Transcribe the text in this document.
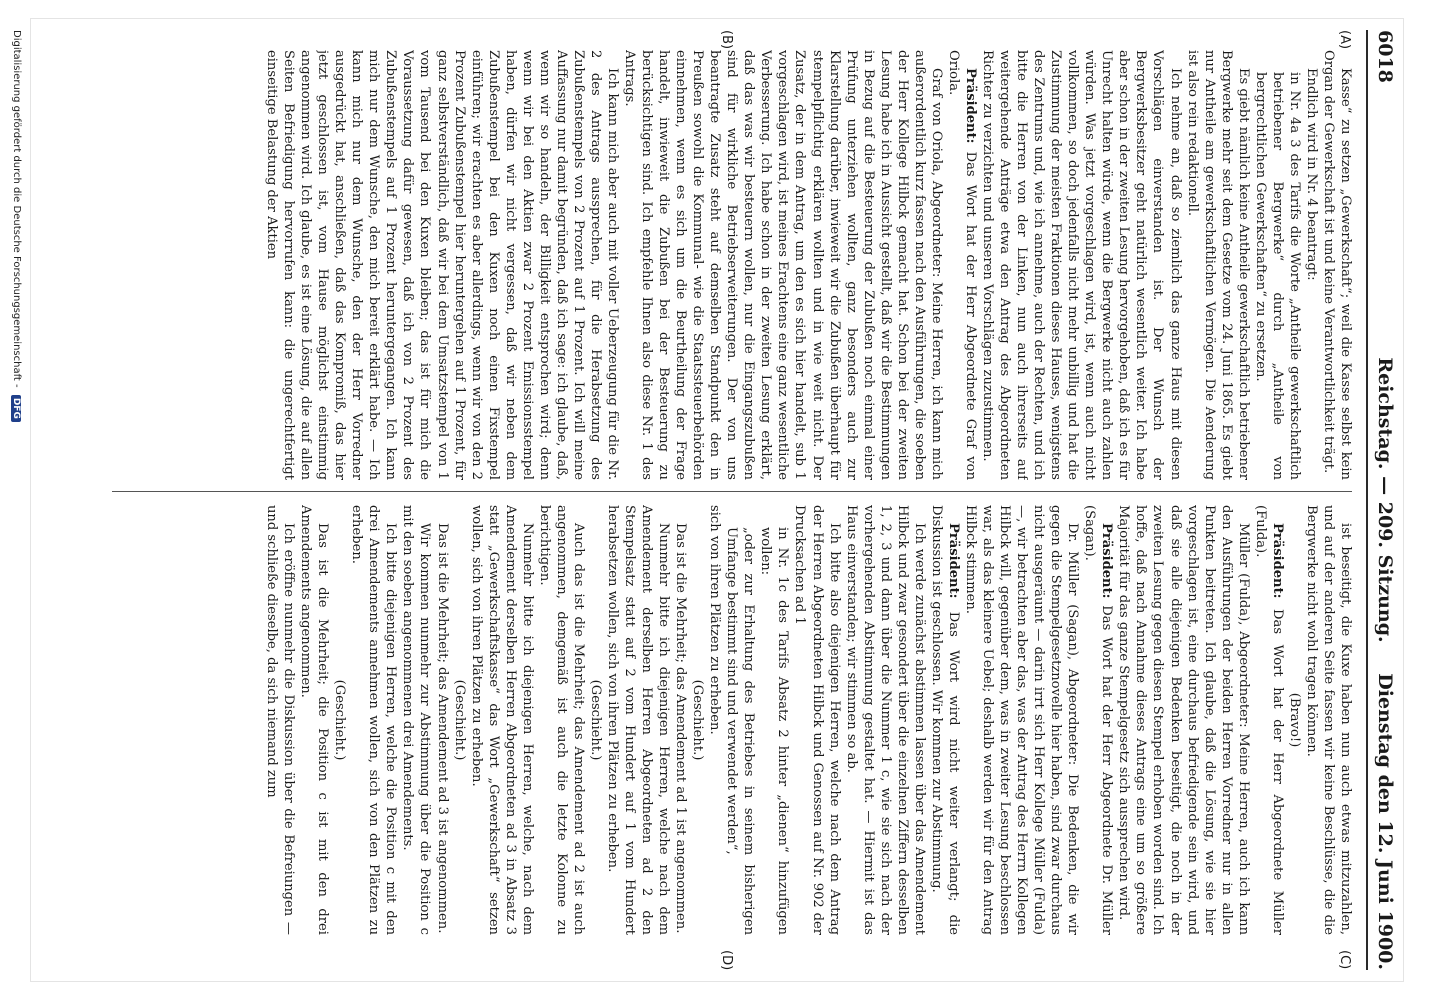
6018
Reichstag. — 209. Sitzung.
Dienstag den 12. Juni 1900.
(A)
(B)
(C)
(D)

Kasse“ zu setzen „Gewerkschaft“; weil die Kasse selbst kein Organ der Gewerkschaft ist und keine Verantwortlichkeit trägt.

Endlich wird in Nr. 4 beantragt:

in Nr. 4a 3 des Tarifs die Worte „Antheile gewerkschaftlich betriebener Bergwerke“ durch „Antheile von bergrechtlichen Gewerkschaften“ zu ersetzen.

Es giebt nämlich keine Antheile gewerkschaftlich betriebener Bergwerke mehr seit dem Gesetze vom 24. Juni 1865. Es giebt nur Antheile am gewerkschaftlichen Vermögen. Die Aenderung ist also rein redaktionell.

Ich nehme an, daß so ziemlich das ganze Haus mit diesen Vorschlägen einverstanden ist. Der Wunsch der Bergwerksbesitzer geht natürlich wesentlich weiter. Ich habe aber schon in der zweiten Lesung hervorgehoben, daß ich es für Unrecht halten würde, wenn die Bergwerke nicht auch zahlen würden. Was jetzt vorgeschlagen wird, ist, wenn auch nicht vollkommen, so doch jedenfalls nicht mehr unbillig und hat die Zustimmung der meisten Fraktionen dieses Hauses, wenigstens des Zentrums und, wie ich annehme, auch der Rechten, und ich bitte die Herren von der Linken, nun auch ihrerseits auf weitergehende Anträge etwa den Antrag des Abgeordneten Richter zu verzichten und unseren Vorschlägen zuzustimmen.

Präsident: Das Wort hat der Herr Abgeordnete Graf von Oriola.

Graf von Oriola, Abgeordneter: Meine Herren, ich kann mich außerordentlich kurz fassen nach den Ausführungen, die soeben der Herr Kollege Hilbck gemacht hat. Schon bei der zweiten Lesung habe ich in Aussicht gestellt, daß wir die Bestimmungen in Bezug auf die Besteuerung der Zubußen noch einmal einer Prüfung unterziehen wollten, ganz besonders auch zur Klarstellung darüber, inwieweit wir die Zubußen überhaupt für stempelpflichtig erklären wollten und in wie weit nicht. Der Zusatz, der in dem Antrag, um den es sich hier handelt, sub 1 vorgeschlagen wird, ist meines Erachtens eine ganz wesentliche Verbesserung. Ich habe schon in der zweiten Lesung erklärt, daß das was wir besteuern wollen, nur die Eingangszubußen sind für wirkliche Betriebserweiterungen. Der von uns beantragte Zusatz steht auf demselben Standpunkt den in Preußen sowohl die Kommunal- wie die Staatssteuerbehörden einnehmen, wenn es sich um die Beurtheilung der Frage handelt, inwieweit die Zubußen bei der Besteuerung zu berücksichtigen sind. Ich empfehle Ihnen also diese Nr. 1 des Antrags.

Ich kann mich aber auch mit voller Ueberzeugung für die Nr. 2 des Antrags aussprechen, für die Herabsetzung des Zubußenstempels von 2 Prozent auf 1 Prozent. Ich will meine Auffassung nur damit begründen, daß ich sage: ich glaube, daß, wenn wir so handeln, der Billigkeit entsprochen wird; denn wenn wir bei den Aktien zwar 2 Prozent Emissionsstempel haben, dürfen wir nicht vergessen, daß wir neben dem Zubußenstempel bei den Kuxen noch einen Fixstempel einführen; wir erachten es aber allerdings, wenn wir von den 2 Prozent Zubußenstempel hier heruntergehen auf 1 Prozent, für ganz selbstverständlich, daß wir bei dem Umsatzstempel von 1 vom Tausend bei den Kuxen bleiben; das ist für mich die Voraussetzung dafür gewesen, daß ich von 2 Prozent des Zubußenstempels auf 1 Prozent heruntergegangen. Ich kann mich nur dem Wunsche, den mich bereit erklärt habe. — Ich kann mich nur dem Wunsche, den der Herr Vorredner ausgedrückt hat, anschließen, daß das Kompromiß, das hier jetzt geschlossen ist, vom Hause möglichst einstimmig angenommen wird. Ich glaube, es ist eine Lösung, die auf allen Seiten Befriedigung hervorrufen kann: die ungerechtfertigt einseitige Belastung der Aktien

ist beseitigt, die Kuxe haben nun auch etwas mitzuzahlen, und auf der anderen Seite fassen wir keine Beschlüsse, die die Bergwerke nicht wohl tragen können.

(Bravo!)

Präsident: Das Wort hat der Herr Abgeordnete Müller (Fulda).

Müller (Fulda), Abgeordneter: Meine Herren, auch ich kann den Ausführungen der beiden Herren Vorredner nur in allen Punkten beitreten. Ich glaube, daß die Lösung, wie sie hier vorgeschlagen ist, eine durchaus befriedigende sein wird, und daß sie alle diejenigen Bedenken beseitigt, die noch in der zweiten Lesung gegen diesen Stempel erhoben worden sind. Ich hoffe, daß nach Annahme dieses Antrags eine um so größere Majorität für das ganze Stempelgesetz sich aussprechen wird.

Präsident: Das Wort hat der Herr Abgeordnete Dr. Müller (Sagan).

Dr. Müller (Sagan), Abgeordneter: Die Bedenken, die wir gegen die Stempelgesetznovelle hier haben, sind zwar durchaus nicht ausgeräumt — darin irrt sich Herr Kollege Müller (Fulda) —, wir betrachten aber das, was der Antrag des Herrn Kollegen Hilbck will, gegenüber dem, was in zweiter Lesung beschlossen war, als das kleinere Uebel; deshalb werden wir für den Antrag Hilbck stimmen.

Präsident: Das Wort wird nicht weiter verlangt; die Diskussion ist geschlossen. Wir kommen zur Abstimmung.

Ich werde zunächst abstimmen lassen über das Amendement Hilbck und zwar gesondert über die einzelnen Ziffern desselben 1, 2, 3 und dann über die Nummer 1 c, wie sie sich nach der vorhergehenden Abstimmung gestaltet hat. — Hiermit ist das Haus einverstanden; wir stimmen so ab.

Ich bitte also diejenigen Herren, welche nach dem Antrag der Herren Abgeordneten Hilbck und Genossen auf Nr. 902 der Drucksachen ad 1

in Nr. 1c des Tarifs Absatz 2 hinter „dienen“ hinzufügen wollen:

„oder zur Erhaltung des Betriebes in seinem bisherigen Umfange bestimmt sind und verwendet werden“,

sich von ihren Plätzen zu erheben.

(Geschieht.)

Das ist die Mehrheit; das Amendement ad 1 ist angenommen.

Nunmehr bitte ich diejenigen Herren, welche nach dem Amendement derselben Herren Abgeordneten ad 2 den Stempelsatz statt auf 2 vom Hundert auf 1 vom Hundert herabsetzen wollen, sich von ihren Plätzen zu erheben.

(Geschieht.)

Auch das ist die Mehrheit; das Amendement ad 2 ist auch angenommen, demgemäß ist auch die letzte Kolonne zu berichtigen.

Nunmehr bitte ich diejenigen Herren, welche, nach dem Amendement derselben Herren Abgeordneten ad 3 in Absatz 3 statt „Gewerkschaftskasse“ das Wort „Gewerkschaft“ setzen wollen, sich von ihren Plätzen zu erheben.

(Geschieht.)

Das ist die Mehrheit; das Amendement ad 3 ist angenommen.

Wir kommen nunmehr zur Abstimmung über die Position c mit den soeben angenommenen drei Amendements.

Ich bitte diejenigen Herren, welche die Position c mit den drei Amendements annehmen wollen, sich von den Plätzen zu erheben.

(Geschieht.)

Das ist die Mehrheit; die Position c ist mit den drei Amendements angenommen.

Ich eröffne nunmehr die Diskussion über die Befreiungen — und schließe dieselbe, da sich niemand zum

Digitalisierung gefördert durch die Deutsche Forschungsgemeinschaft - DFG
